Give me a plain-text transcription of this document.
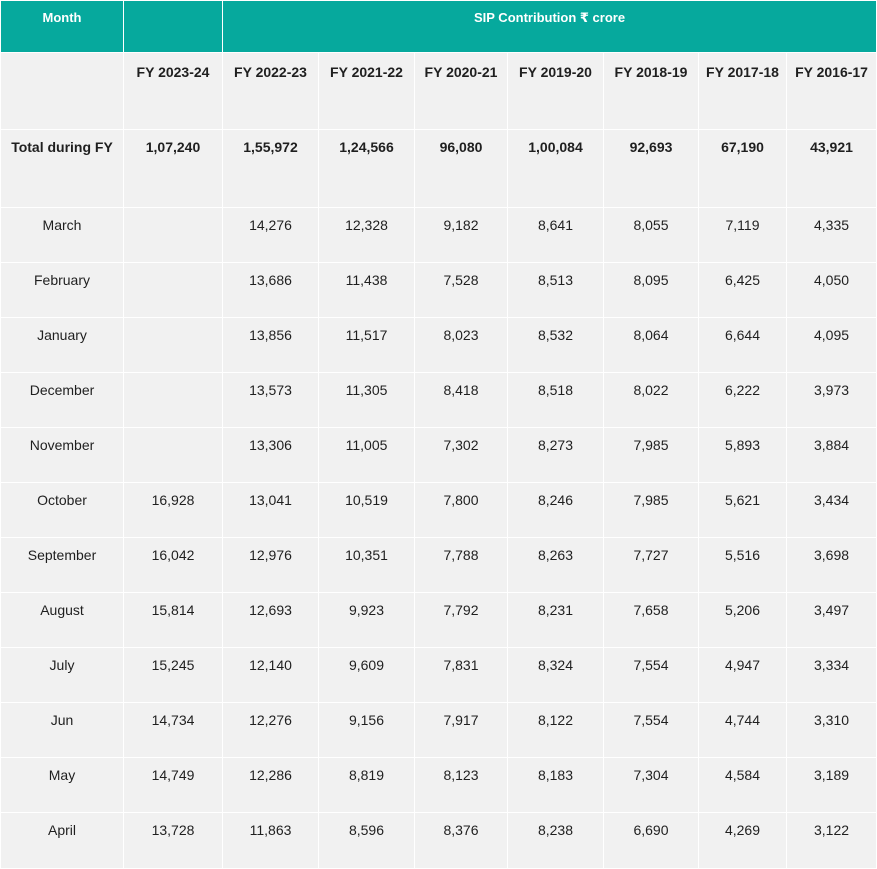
Month		SIP Contribution ₹ crore						
	FY 2023-24	FY 2022-23	FY 2021-22	FY 2020-21	FY 2019-20	FY 2018-19	FY 2017-18	FY 2016-17
Total during FY	1,07,240	1,55,972	1,24,566	96,080	1,00,084	92,693	67,190	43,921
March		14,276	12,328	9,182	8,641	8,055	7,119	4,335
February		13,686	11,438	7,528	8,513	8,095	6,425	4,050
January		13,856	11,517	8,023	8,532	8,064	6,644	4,095
December		13,573	11,305	8,418	8,518	8,022	6,222	3,973
November		13,306	11,005	7,302	8,273	7,985	5,893	3,884
October	16,928	13,041	10,519	7,800	8,246	7,985	5,621	3,434
September	16,042	12,976	10,351	7,788	8,263	7,727	5,516	3,698
August	15,814	12,693	9,923	7,792	8,231	7,658	5,206	3,497
July	15,245	12,140	9,609	7,831	8,324	7,554	4,947	3,334
Jun	14,734	12,276	9,156	7,917	8,122	7,554	4,744	3,310
May	14,749	12,286	8,819	8,123	8,183	7,304	4,584	3,189
April	13,728	11,863	8,596	8,376	8,238	6,690	4,269	3,122
